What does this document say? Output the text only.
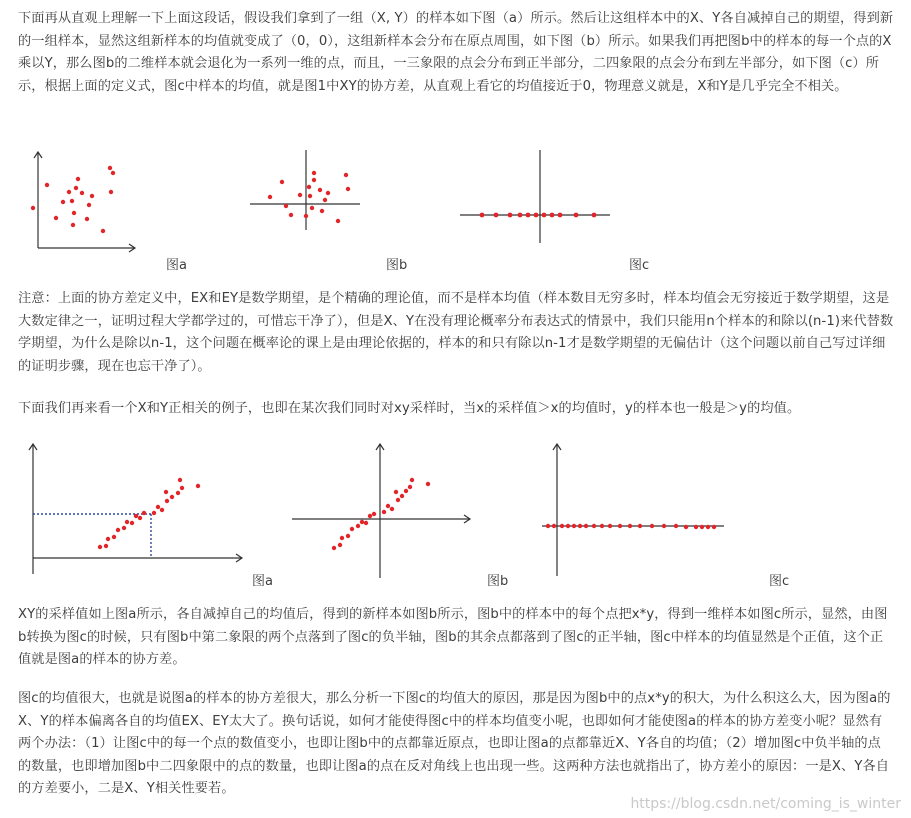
下面再从直观上理解一下上面这段话，假设我们拿到了一组（X, Y）的样本如下图（a）所示。然后让这组样本中的X、Y各自减掉自己的期望，得到新的一组样本，显然这组新样本的均值就变成了（0，0），这组新样本会分布在原点周围，如下图（b）所示。如果我们再把图b中的样本的每一个点的X乘以Y，那么图b的二维样本就会退化为一系列一维的点，而且，一三象限的点会分布到正半部分，二四象限的点会分布到左半部分，如下图（c）所示，根据上面的定义式，图c中样本的均值，就是图1中XY的协方差，从直观上看它的均值接近于0，物理意义就是，X和Y是几乎完全不相关。

图a	图b	图c

注意：上面的协方差定义中，EX和EY是数学期望，是个精确的理论值，而不是样本均值（样本数目无穷多时，样本均值会无穷接近于数学期望，这是大数定律之一，证明过程大学都学过的，可惜忘干净了），但是X、Y在没有理论概率分布表达式的情景中，我们只能用n个样本的和除以(n-1)来代替数学期望，为什么是除以n-1，这个问题在概率论的课上是由理论依据的，样本的和只有除以n-1才是数学期望的无偏估计（这个问题以前自己写过详细的证明步骤，现在也忘干净了）。

下面我们再来看一个X和Y正相关的例子，也即在某次我们同时对xy采样时，当x的采样值＞x的均值时，y的样本也一般是＞y的均值。

图a	图b	图c

XY的采样值如上图a所示，各自减掉自己的均值后，得到的新样本如图b所示，图b中的样本中的每个点把x*y，得到一维样本如图c所示，显然，由图b转换为图c的时候，只有图b中第二象限的两个点落到了图c的负半轴，图b的其余点都落到了图c的正半轴，图c中样本的均值显然是个正值，这个正值就是图a的样本的协方差。

图c的均值很大，也就是说图a的样本的协方差很大，那么分析一下图c的均值大的原因，那是因为图b中的点x*y的积大，为什么积这么大，因为图a的X、Y的样本偏离各自的均值EX、EY太大了。换句话说，如何才能使得图c中的样本均值变小呢，也即如何才能使图a的样本的协方差变小呢？显然有两个办法：（1）让图c中的每一个点的数值变小，也即让图b中的点都靠近原点，也即让图a的点都靠近X、Y各自的均值；（2）增加图c中负半轴的点的数量，也即增加图b中二四象限中的点的数量，也即让图a的点在反对角线上也出现一些。这两种方法也就指出了，协方差小的原因：一是X、Y各自的方差要小，二是X、Y相关性要若。

https://blog.csdn.net/coming_is_winter
